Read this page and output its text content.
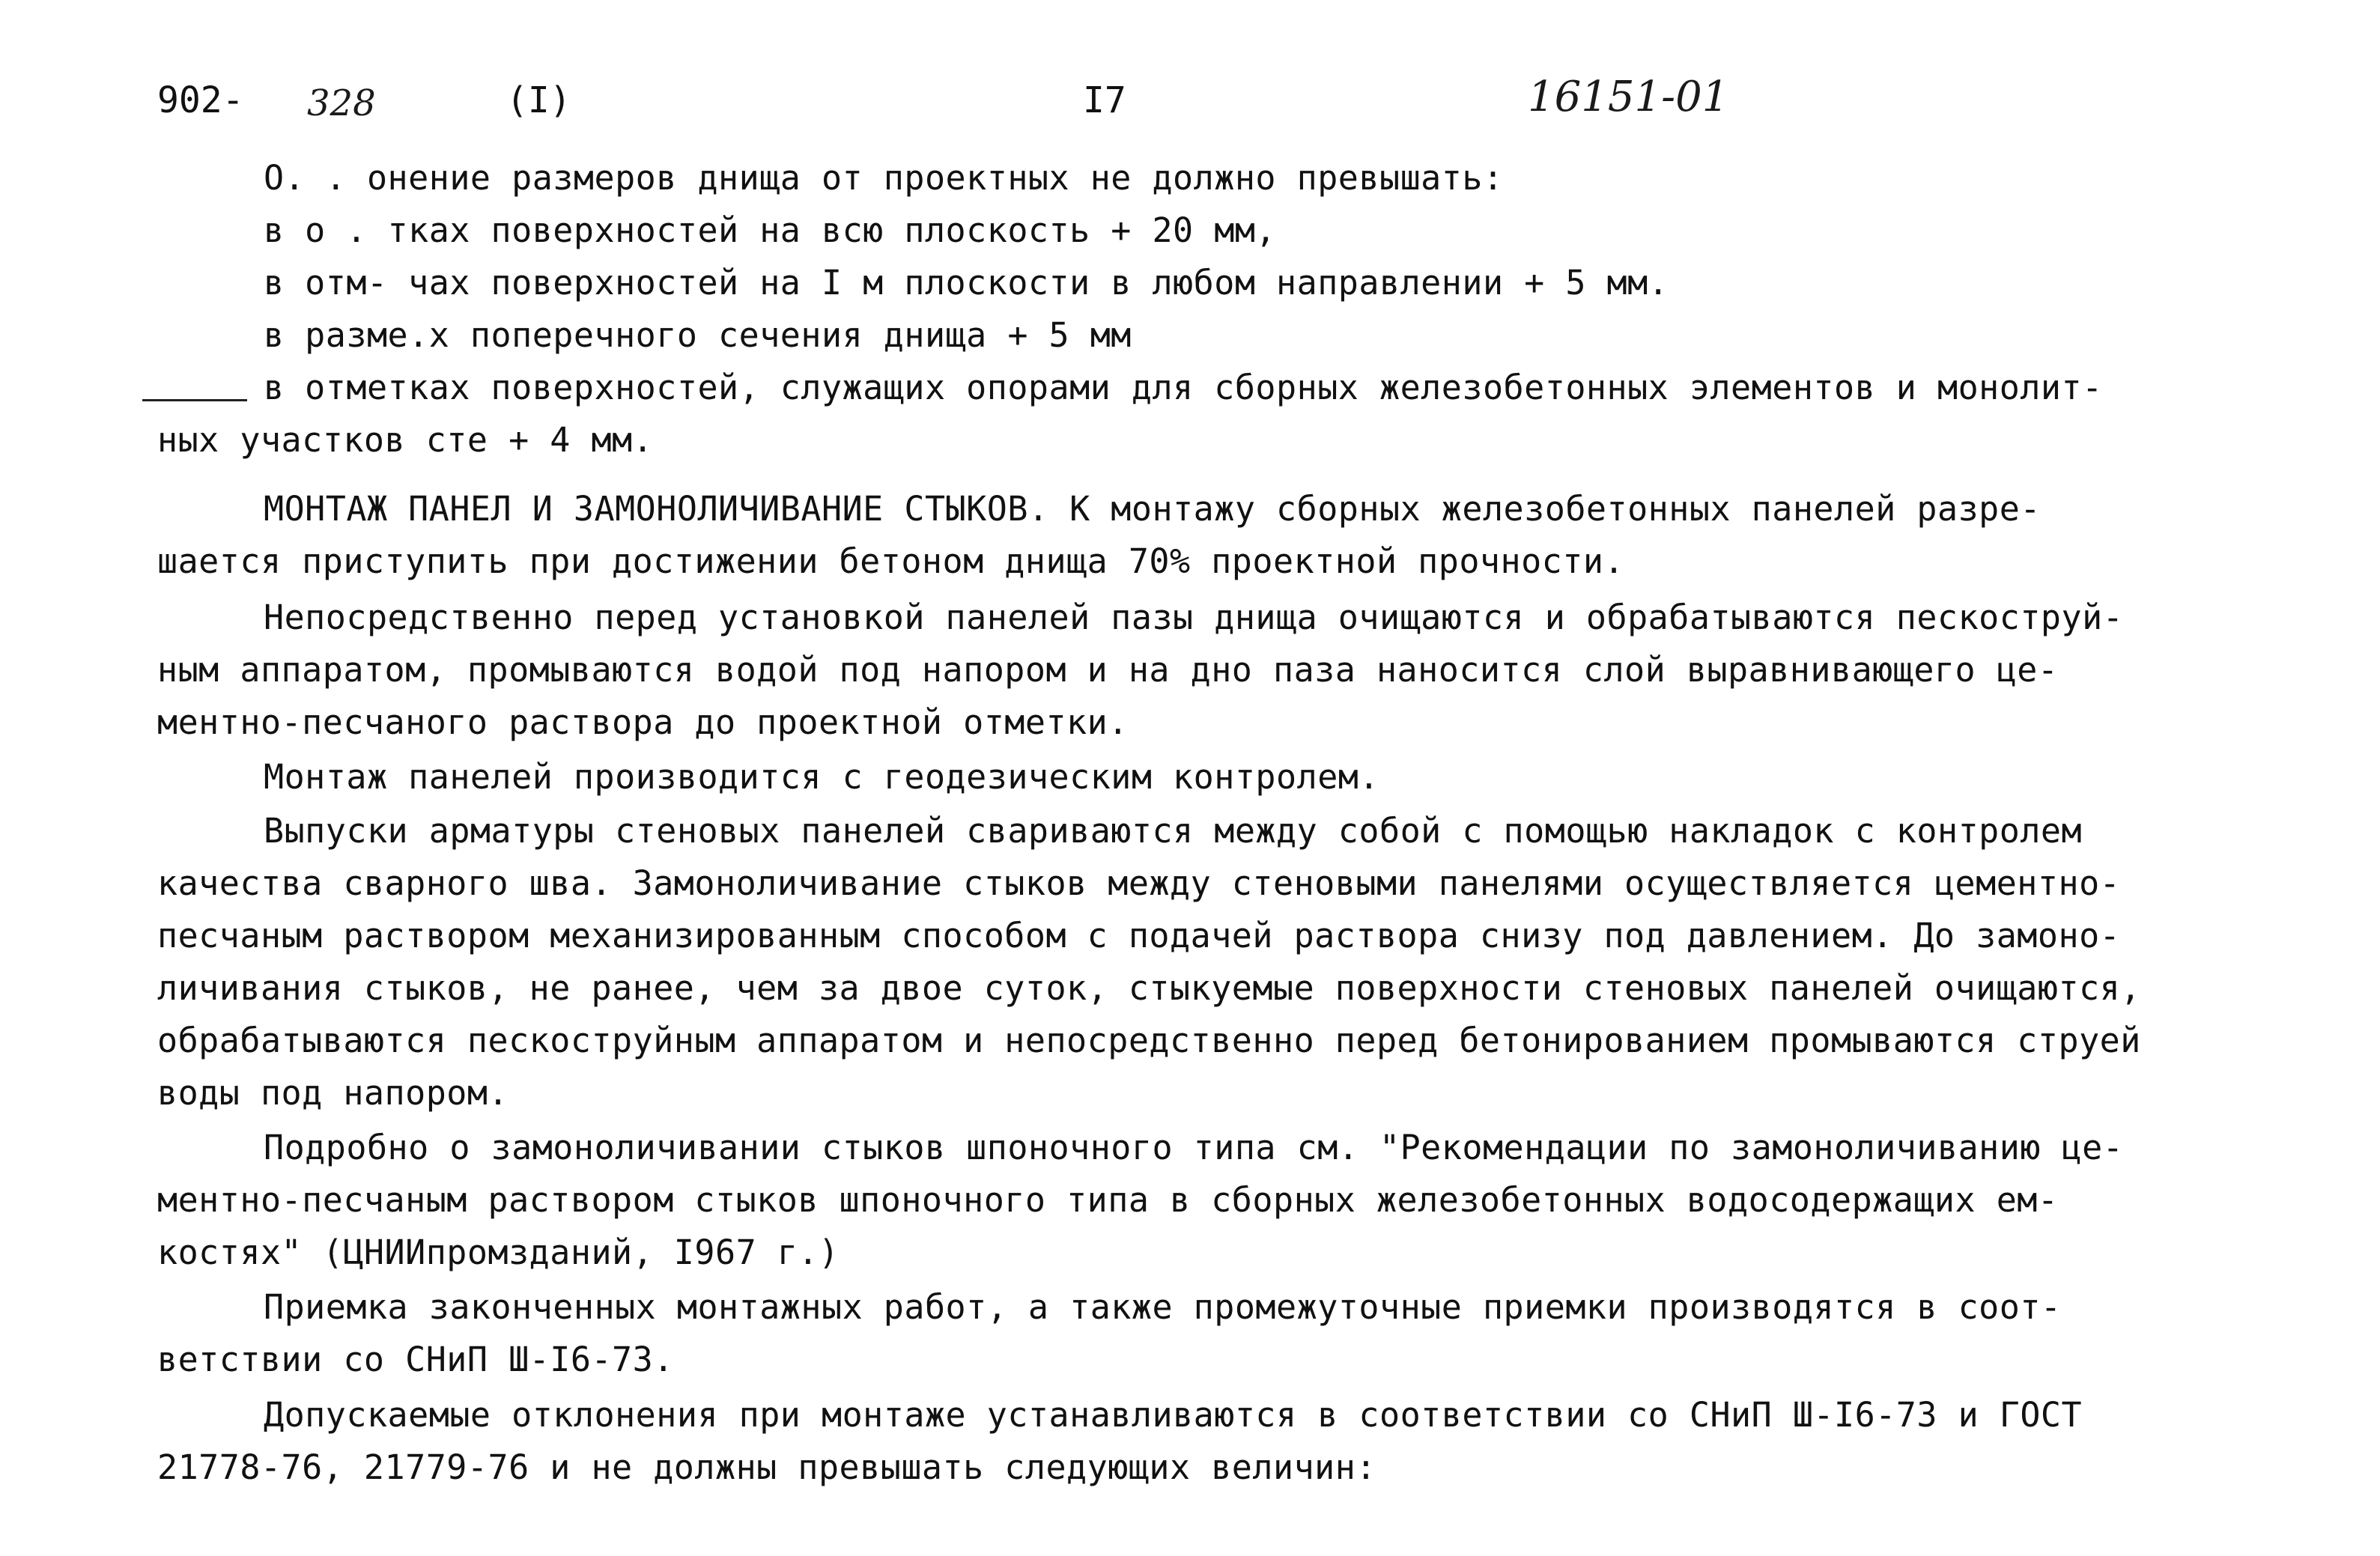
902- 328	(I)	I7	16151-01
О. . онение размеров днища от проектных не должно превышать:
в о . тках поверхностей на всю плоскость + 20 мм,
в отм- чах поверхностей на I м плоскости в любом направлении + 5 мм.
в разме.х поперечного сечения днища + 5 мм
в отметках поверхностей, служащих опорами для сборных железобетонных элементов и монолит-
ных участков сте + 4 мм.
МОНТАЖ ПАНЕЛ И ЗАМОНОЛИЧИВАНИЕ СТЫКОВ. К монтажу сборных железобетонных панелей разре-
шается приступить при достижении бетоном днища 70% проектной прочности.
Непосредственно перед установкой панелей пазы днища очищаются и обрабатываются пескоструй-
ным аппаратом, промываются водой под напором и на дно паза наносится слой выравнивающего це-
ментно-песчаного раствора до проектной отметки.
Монтаж панелей производится с геодезическим контролем.
Выпуски арматуры стеновых панелей свариваются между собой с помощью накладок с контролем
качества сварного шва. Замоноличивание стыков между стеновыми панелями осуществляется цементно-
песчаным раствором механизированным способом с подачей раствора снизу под давлением. До замоно-
личивания стыков, не ранее, чем за двое суток, стыкуемые поверхности стеновых панелей очищаются,
обрабатываются пескоструйным аппаратом и непосредственно перед бетонированием промываются струей
воды под напором.
Подробно о замоноличивании стыков шпоночного типа см. "Рекомендации по замоноличиванию це-
ментно-песчаным раствором стыков шпоночного типа в сборных железобетонных водосодержащих ем-
костях" (ЦНИИпромзданий, I967 г.)
Приемка законченных монтажных работ, а также промежуточные приемки производятся в соот-
ветствии со СНиП Ш-I6-73.
Допускаемые отклонения при монтаже устанавливаются в соответствии со СНиП Ш-I6-73 и ГОСТ
21778-76, 21779-76 и не должны превышать следующих величин:
